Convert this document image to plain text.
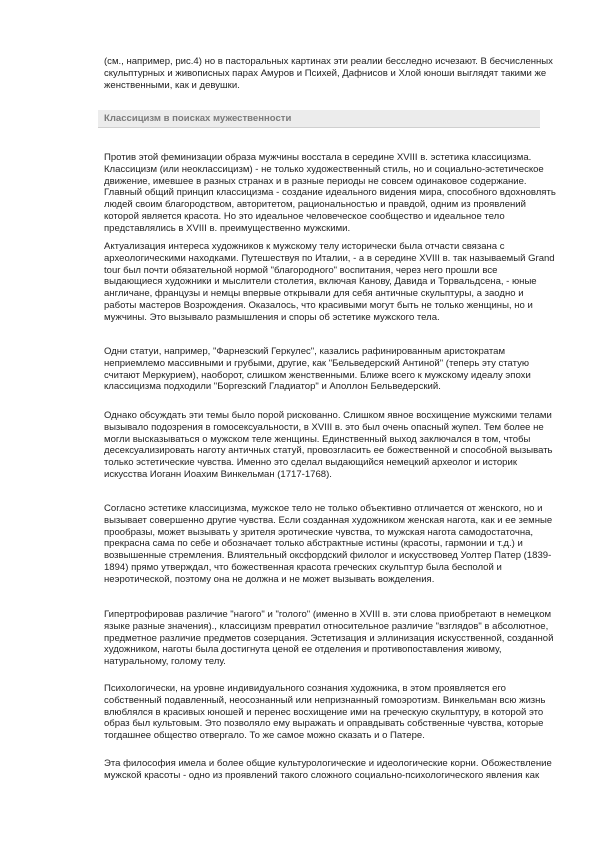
(см., например, рис.4) но в пасторальных картинах эти реалии бесследно исчезают. В бесчисленных
скульптурных и живописных парах Амуров и Психей, Дафнисов и Хлой юноши выглядят такими же
женственными, как и девушки.
Против этой феминизации образа мужчины восстала в середине XVIII в. эстетика классицизма.
Классицизм (или неоклассицизм) - не только художественный стиль, но и социально-эстетическое
движение, имевшее в разных странах и в разные периоды не совсем одинаковое содержание.
Главный общий принцип классицизма - создание идеального видения мира, способного вдохновлять
людей своим благородством, авторитетом, рациональностью и правдой, одним из проявлений
которой является красота. Но это идеальное человеческое сообщество и идеальное тело
представлялись в XVIII в. преимущественно мужскими.
Актуализация интереса художников к мужскому телу исторически была отчасти связана с
археологическими находками. Путешествуя по Италии, - а в середине XVIII в. так называемый Grand
tour был почти обязательной нормой "благородного" воспитания, через него прошли все
выдающиеся художники и мыслители столетия, включая Канову, Давида и Торвальдсена, - юные
англичане, французы и немцы впервые открывали для себя античные скульптуры, а заодно и
работы мастеров Возрождения. Оказалось, что красивыми могут быть не только женщины, но и
мужчины. Это вызывало размышления и споры об эстетике мужского тела.
Одни статуи, например, "Фарнезский Геркулес", казались рафинированным аристократам
неприемлемо массивными и грубыми, другие, как "Бельведерский Антиной" (теперь эту статую
считают Меркурием), наоборот, слишком женственными. Ближе всего к мужскому идеалу эпохи
классицизма подходили "Боргезский Гладиатор" и Аполлон Бельведерский.
Однако обсуждать эти темы было порой рискованно. Слишком явное восхищение мужскими телами
вызывало подозрения в гомосексуальности, в XVIII в. это был очень опасный жупел. Тем более не
могли высказываться о мужском теле женщины. Единственный выход заключался в том, чтобы
десексуализировать наготу античных статуй, провозгласить ее божественной и способной вызывать
только эстетические чувства. Именно это сделал выдающийся немецкий археолог и историк
искусства Иоганн Иоахим Винкельман (1717-1768).
Согласно эстетике классицизма, мужское тело не только объективно отличается от женского, но и
вызывает совершенно другие чувства. Если созданная художником женская нагота, как и ее земные
прообразы, может вызывать у зрителя эротические чувства, то мужская нагота самодостаточна,
прекрасна сама по себе и обозначает только абстрактные истины (красоты, гармонии и т.д.) и
возвышенные стремления. Влиятельный оксфордский филолог и искусствовед Уолтер Патер (1839-
1894) прямо утверждал, что божественная красота греческих скульптур была бесполой и
неэротической, поэтому она не должна и не может вызывать вожделения.
Гипертрофировав различие "нагого" и "голого" (именно в XVIII в. эти слова приобретают в немецком
языке разные значения)., классицизм превратил относительное различие "взглядов" в абсолютное,
предметное различие предметов созерцания. Эстетизация и эллинизация искусственной, созданной
художником, наготы была достигнута ценой ее отделения и противопоставления живому,
натуральному, голому телу.
Психологически, на уровне индивидуального сознания художника, в этом проявляется его
собственный подавленный, неосознанный или непризнанный гомоэротизм. Винкельман всю жизнь
влюблялся в красивых юношей и перенес восхищение ими на греческую скульптуру, в которой это
образ был культовым. Это позволяло ему выражать и оправдывать собственные чувства, которые
тогдашнее общество отвергало. То же самое можно сказать и о Патере.
Эта философия имела и более общие культурологические и идеологические корни. Обожествление
мужской красоты - одно из проявлений такого сложного социально-психологического явления как
Классицизм в поисках мужественности
